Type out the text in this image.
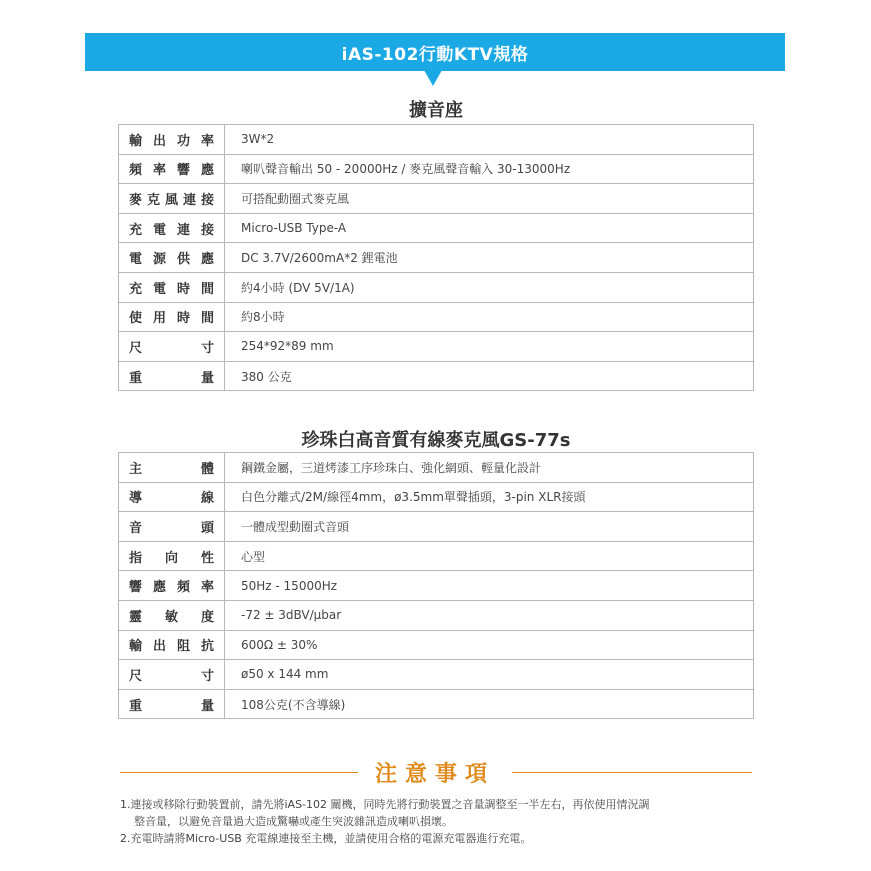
iAS-102行動KTV規格
擴音座
輸 出 功 率	3W*2

頻 率 響 應	喇叭聲音輸出 50 - 20000Hz / 麥克風聲音輸入 30-13000Hz

麥 克 風 連 接	可搭配動圈式麥克風

充 電 連 接	Micro-USB Type-A

電 源 供 應	DC 3.7V/2600mA*2 鋰電池

充 電 時 間	約4小時 (DV 5V/1A)

使 用 時 間	約8小時

尺 寸	254*92*89 mm

重 量	380 公克
珍珠白高音質有線麥克風GS-77s
主 體	鋼鐵金屬，三道烤漆工序珍珠白、強化網頭、輕量化設計

導 線	白色分離式/2M/線徑4mm，ø3.5mm單聲插頭，3-pin XLR接頭

音 頭	一體成型動圈式音頭

指 向 性	心型

響 應 頻 率	50Hz - 15000Hz

靈 敏 度	-72 ± 3dBV/μbar

輸 出 阻 抗	600Ω ± 30%

尺 寸	ø50 x 144 mm

重 量	108公克(不含導線)
注意事項

1.連接或移除行動裝置前，請先將iAS-102 關機，同時先將行動裝置之音量調整至一半左右，再依使用情況調
整音量，以避免音量過大造成驚嚇或產生突波雜訊造成喇叭損壞。

2.充電時請將Micro-USB 充電線連接至主機，並請使用合格的電源充電器進行充電。
